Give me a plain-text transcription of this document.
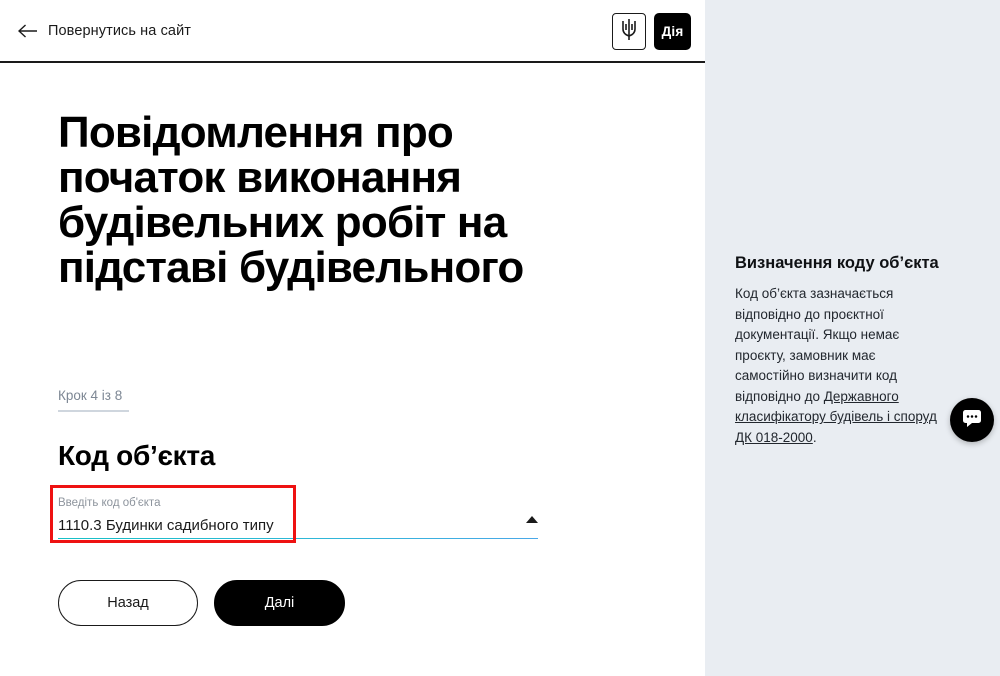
Повернутись на сайт	Дія
Повідомлення про початок виконання будівельних робіт на підставі будівельного
Крок 4 із 8
Код об’єкта
Введіть код об'єкта
1110.3 Будинки садибного типу
Назад	Далі
Визначення коду об’єкта

Код об’єкта зазначається відповідно до проєктної документації. Якщо немає проєкту, замовник має самостійно визначити код відповідно до Державного класифікатору будівель і споруд ДК 018-2000.
